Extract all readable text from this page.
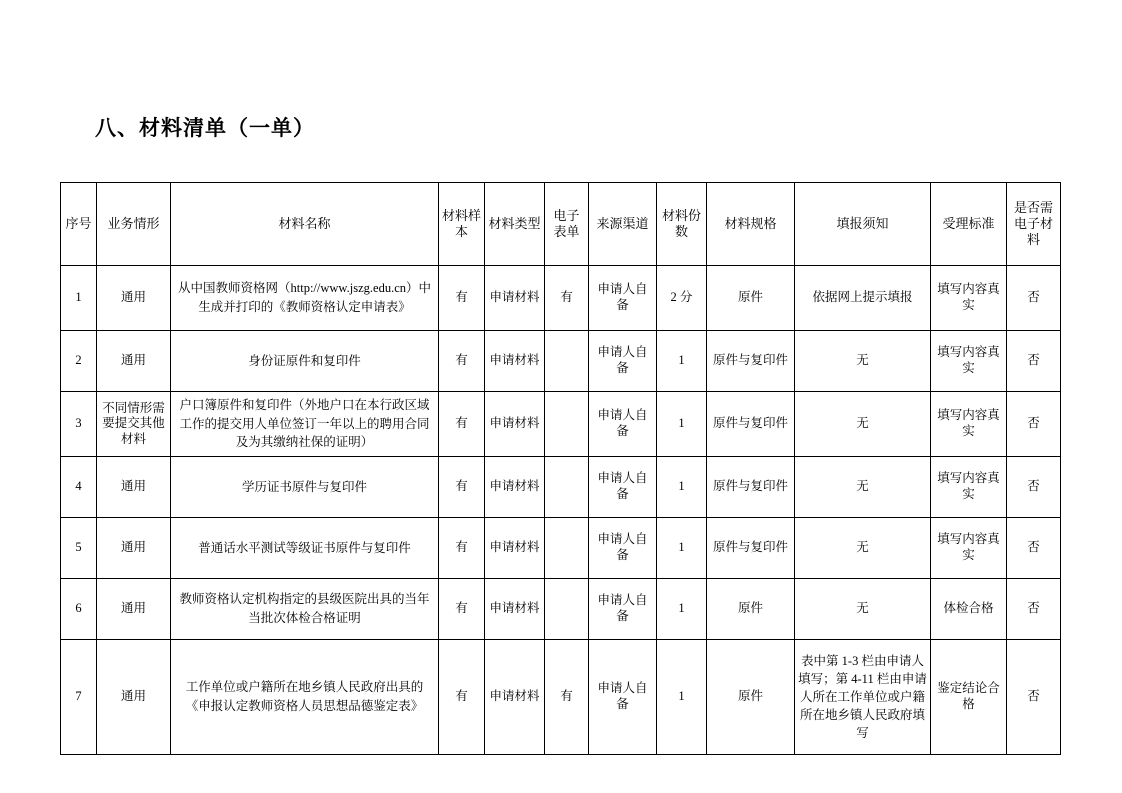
八、材料清单（一单）
序号	业务情形	材料名称	材料样本	材料类型	电子表单	来源渠道	材料份数	材料规格	填报须知	受理标准	是否需电子材料
1	通用	从中国教师资格网（http://www.jszg.edu.cn）中生成并打印的《教师资格认定申请表》	有	申请材料	有	申请人自备	2 分	原件	依据网上提示填报	填写内容真实	否
2	通用	身份证原件和复印件	有	申请材料		申请人自备	1	原件与复印件	无	填写内容真实	否
3	不同情形需要提交其他材料	户口簿原件和复印件（外地户口在本行政区域工作的提交用人单位签订一年以上的聘用合同及为其缴纳社保的证明）	有	申请材料		申请人自备	1	原件与复印件	无	填写内容真实	否
4	通用	学历证书原件与复印件	有	申请材料		申请人自备	1	原件与复印件	无	填写内容真实	否
5	通用	普通话水平测试等级证书原件与复印件	有	申请材料		申请人自备	1	原件与复印件	无	填写内容真实	否
6	通用	教师资格认定机构指定的县级医院出具的当年当批次体检合格证明	有	申请材料		申请人自备	1	原件	无	体检合格	否
7	通用	工作单位或户籍所在地乡镇人民政府出具的《申报认定教师资格人员思想品德鉴定表》	有	申请材料	有	申请人自备	1	原件	表中第 1-3 栏由申请人填写；第 4-11 栏由申请人所在工作单位或户籍所在地乡镇人民政府填写	鉴定结论合格	否
